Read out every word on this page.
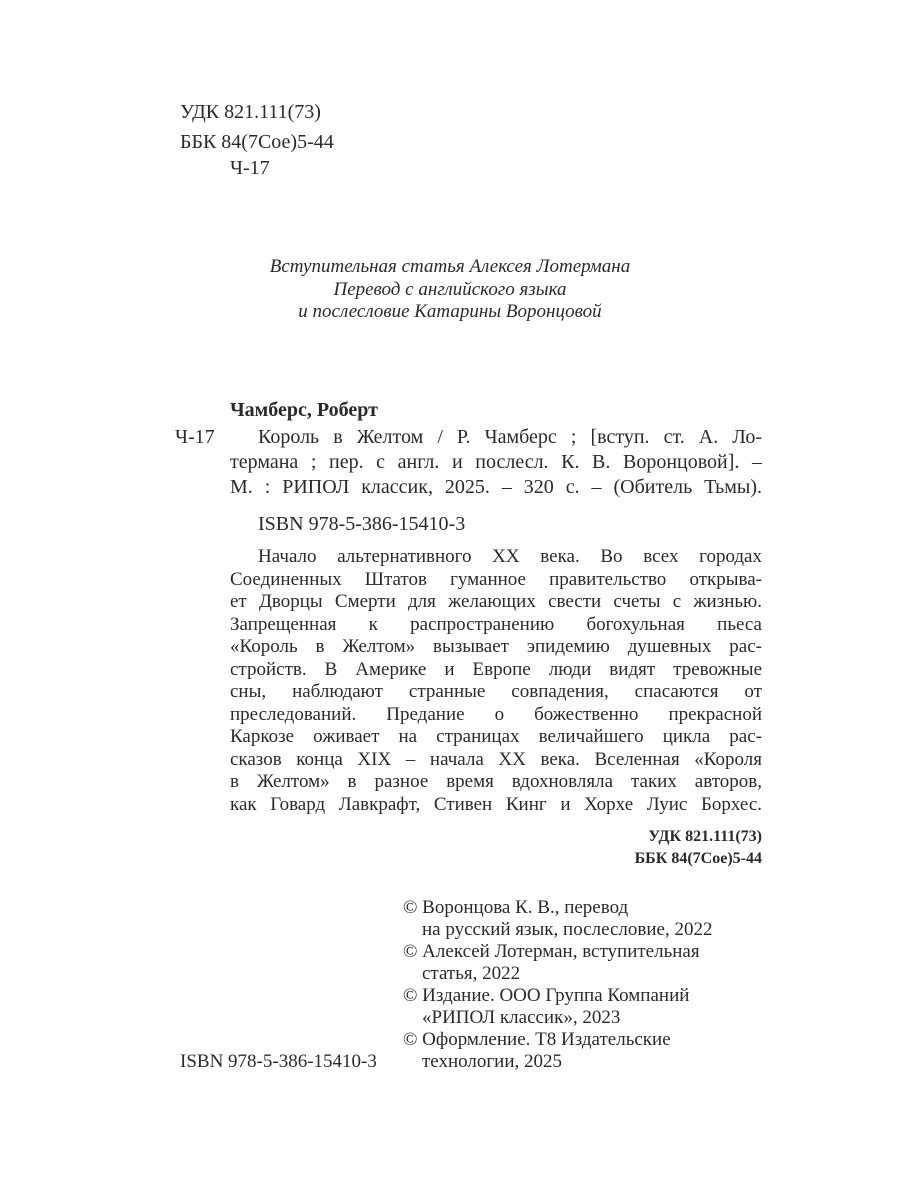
УДК 821.111(73)
ББК 84(7Сое)5-44
Ч-17
Вступительная статья Алексея Лотермана
Перевод с английского языка
и послесловие Катарины Воронцовой
Чамберс, Роберт
Ч-17 Король в Желтом / Р. Чамберс ; [вступ. ст. А. Ло-
термана ; пер. с англ. и послесл. К. В. Воронцовой]. –
М. : РИПОЛ классик, 2025. – 320 с. – (Обитель Тьмы).
ISBN 978-5-386-15410-3
Начало альтернативного XX века. Во всех городах
Соединенных Штатов гуманное правительство открыва-
ет Дворцы Смерти для желающих свести счеты с жизнью.
Запрещенная к распространению богохульная пьеса
«Король в Желтом» вызывает эпидемию душевных рас-
стройств. В Америке и Европе люди видят тревожные
сны, наблюдают странные совпадения, спасаются от
преследований. Предание о божественно прекрасной
Каркозе оживает на страницах величайшего цикла рас-
сказов конца XIX – начала XX века. Вселенная «Короля
в Желтом» в разное время вдохновляла таких авторов,
как Говард Лавкрафт, Стивен Кинг и Хорхе Луис Борхес.
УДК 821.111(73)
ББК 84(7Сое)5-44
© Воронцова К. В., перевод
на русский язык, послесловие, 2022
© Алексей Лотерман, вступительная
статья, 2022
© Издание. ООО Группа Компаний
«РИПОЛ классик», 2023
© Оформление. Т8 Издательские
технологии, 2025
ISBN 978-5-386-15410-3
